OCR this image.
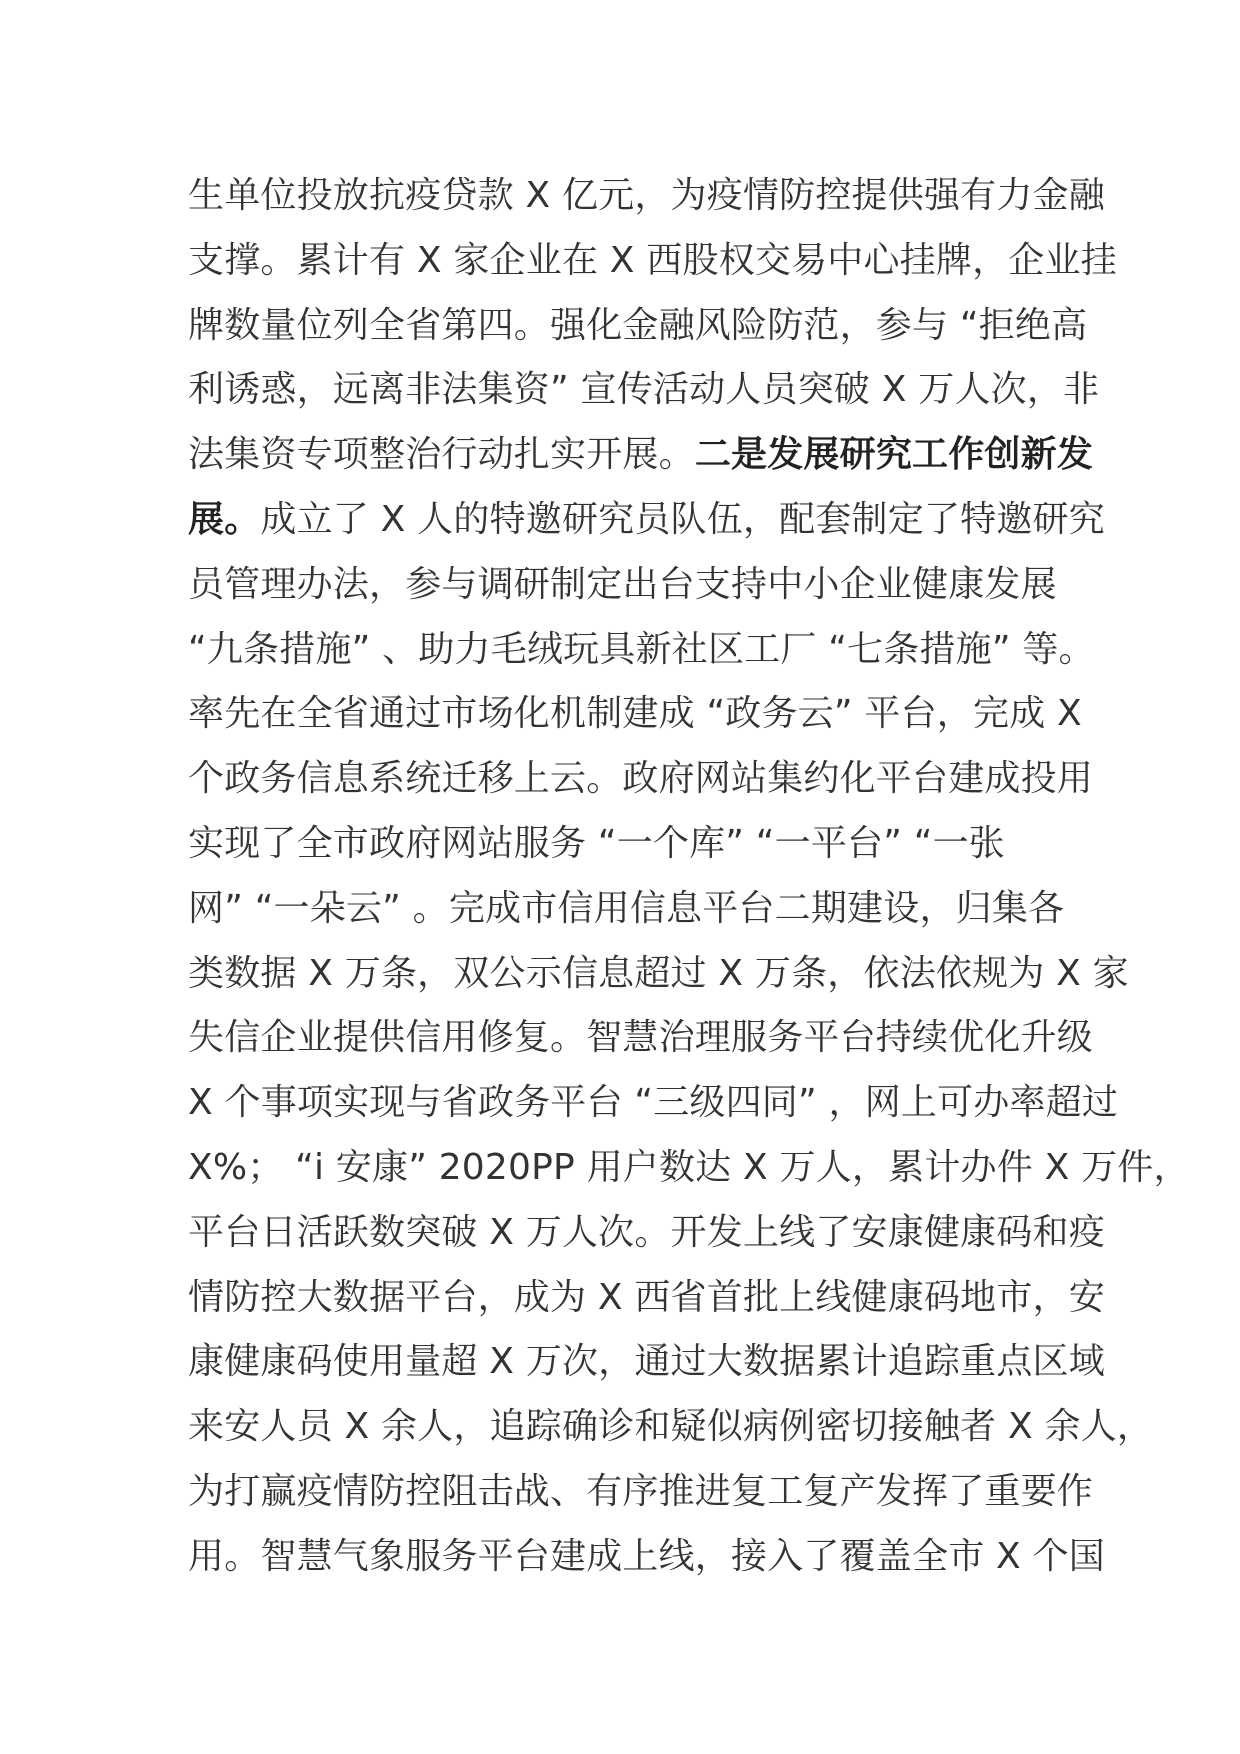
生单位投放抗疫贷款 X 亿元，为疫情防控提供强有力金融
支撑。累计有 X 家企业在 X 西股权交易中心挂牌，企业挂
牌数量位列全省第四。强化金融风险防范，参与 “拒绝高
利诱惑，远离非法集资” 宣传活动人员突破 X 万人次，非
法集资专项整治行动扎实开展。二是发展研究工作创新发
展。成立了 X 人的特邀研究员队伍，配套制定了特邀研究
员管理办法，参与调研制定出台支持中小企业健康发展
“九条措施” 、助力毛绒玩具新社区工厂 “七条措施” 等。
率先在全省通过市场化机制建成 “政务云” 平台，完成 X
个政务信息系统迁移上云。政府网站集约化平台建成投用
实现了全市政府网站服务 “一个库” “一平台” “一张
网” “一朵云” 。完成市信用信息平台二期建设，归集各
类数据 X 万条，双公示信息超过 X 万条，依法依规为 X 家
失信企业提供信用修复。智慧治理服务平台持续优化升级
X 个事项实现与省政务平台 “三级四同” ，网上可办率超过
X%； “i 安康” 2020PP 用户数达 X 万人，累计办件 X 万件，
平台日活跃数突破 X 万人次。开发上线了安康健康码和疫
情防控大数据平台，成为 X 西省首批上线健康码地市，安
康健康码使用量超 X 万次，通过大数据累计追踪重点区域
来安人员 X 余人，追踪确诊和疑似病例密切接触者 X 余人，
为打赢疫情防控阻击战、有序推进复工复产发挥了重要作
用。智慧气象服务平台建成上线，接入了覆盖全市 X 个国
